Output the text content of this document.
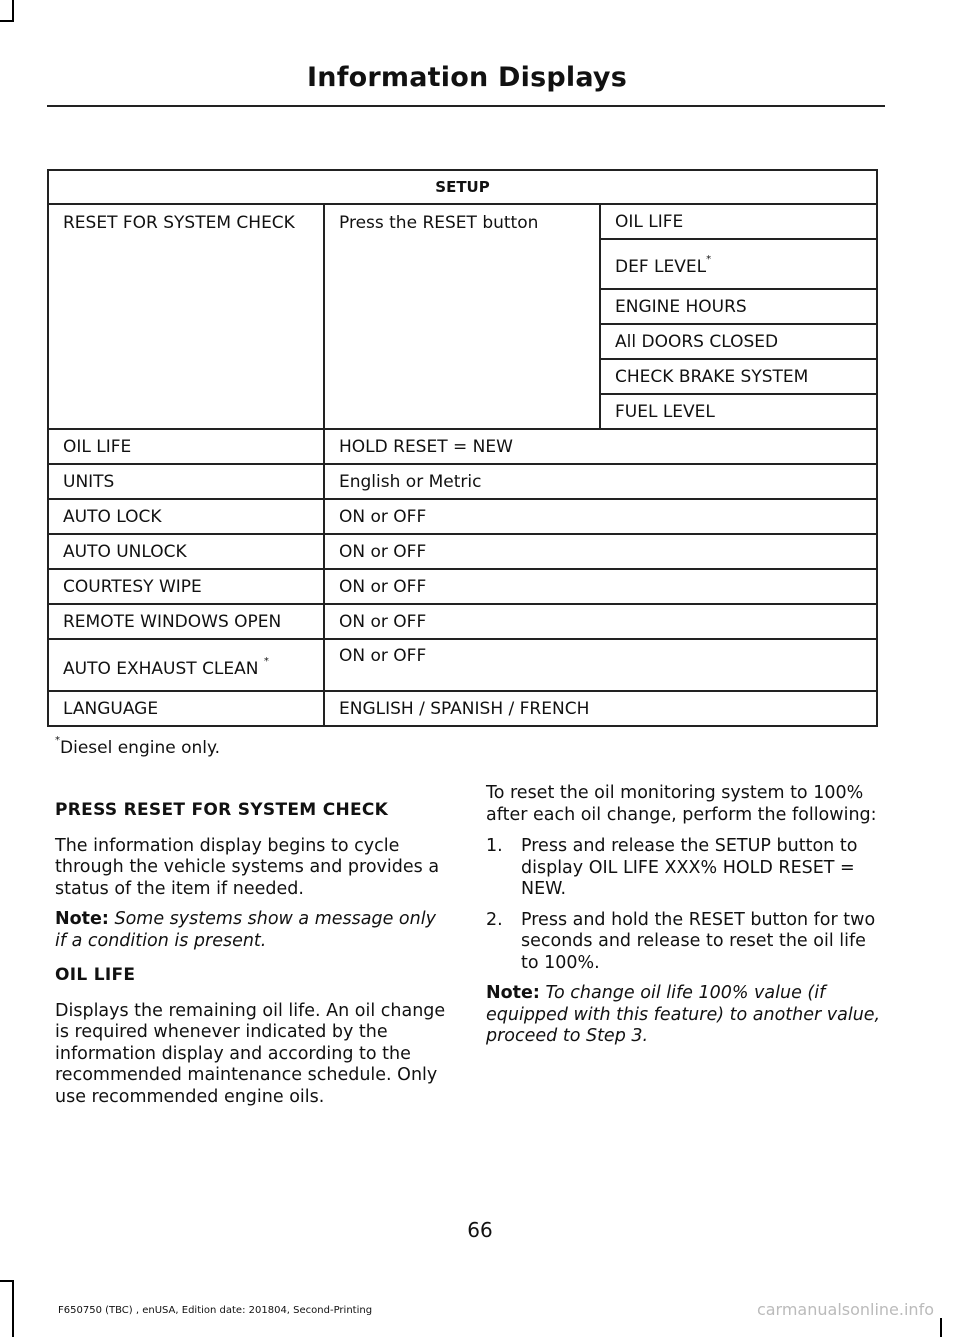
Information Displays
SETUP		
RESET FOR SYSTEM CHECK	Press the RESET button	OIL LIFE
		DEF LEVEL*
		ENGINE HOURS
		All DOORS CLOSED
		CHECK BRAKE SYSTEM
		FUEL LEVEL
OIL LIFE	HOLD RESET = NEW	
UNITS	English or Metric	
AUTO LOCK	ON or OFF	
AUTO UNLOCK	ON or OFF	
COURTESY WIPE	ON or OFF	
REMOTE WINDOWS OPEN	ON or OFF	
AUTO EXHAUST CLEAN *	ON or OFF	
LANGUAGE	ENGLISH / SPANISH / FRENCH	
*Diesel engine only.

PRESS RESET FOR SYSTEM CHECK

The information display begins to cycle through the vehicle systems and provides a status of the item if needed.

Note: Some systems show a message only if a condition is present.

OIL LIFE

Displays the remaining oil life. An oil change is required whenever indicated by the information display and according to the recommended maintenance schedule. Only use recommended engine oils.

To reset the oil monitoring system to 100% after each oil change, perform the following:

1. Press and release the SETUP button to display OIL LIFE XXX% HOLD RESET = NEW.
2. Press and hold the RESET button for two seconds and release to reset the oil life to 100%.

Note: To change oil life 100% value (if equipped with this feature) to another value, proceed to Step 3.

66
F650750 (TBC) , enUSA, Edition date: 201804, Second-Printing	carmanualsonline.info
